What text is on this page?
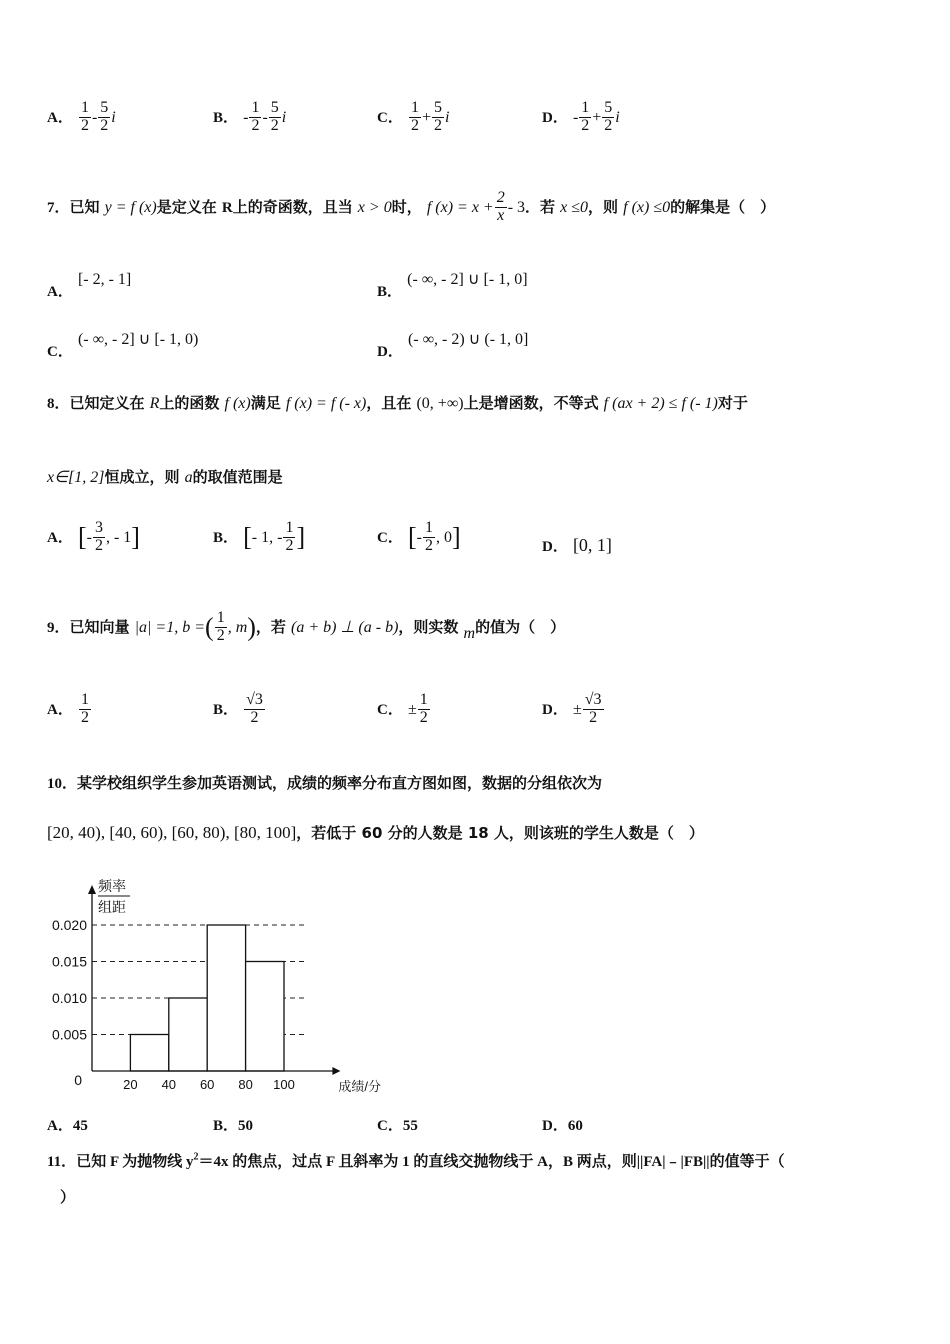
A． $\frac{1}{2} - \frac{5}{2}$ i	B． - $\frac{1}{2} - \frac{5}{2}$ i	C． $\frac{1}{2} + \frac{5}{2}$ i	D． - $\frac{1}{2} + \frac{5}{2}$ i
7．已知 y = f (x)是定义在 R上的奇函数，且当 x > 0时， f $(x) = x + \frac{2}{x} - 3$．若 x ≤0，则 f (x) ≤0的解集是（　）
A． [- 2, - 1]
B． (- ∞, - 2] ∪ [- 1, 0]
C． (- ∞, - 2] ∪ [- 1, 0)
D． (- ∞, - 2) ∪ (- 1, 0]
8．已知定义在 R上的函数 f (x)满足 f (x) = f (- x)，且在 (0, +∞)上是增函数，不等式 f (ax + 2) ≤ f (- 1)对于
x∈[1, 2]恒成立，则 a的取值范围是
A． [- $\frac{3}{2}$ , - 1]	B． [- 1, - $\frac{1}{2}$ ]	C． [- $\frac{1}{2}$ , 0]	D． [0, 1]
9．已知向量 |a| =1, b =( $\frac{1}{2}$ , m)，若 (a + b) ⊥ (a - b)，则实数 m的值为（　）
A． $\frac{1}{2}$	B． $\frac{√3}{2}$	C． ± $\frac{1}{2}$	D． ± $\frac{√3}{2}$
10．某学校组织学生参加英语测试，成绩的频率分布直方图如图，数据的分组依次为
[20, 40), [40, 60), [60, 80), [80, 100]，若低于 60 分的人数是 18 人，则该班的学生人数是（　）
0.005
0.010
0.015
0.020
0	20 40 60 80 100	成绩/分
频率
组距
A．45	B．50	C．55	D．60
11．已知 F 为抛物线 $y^2=4x$ 的焦点，过点 F 且斜率为 1 的直线交抛物线于 A，B 两点，则||FA|﹣|FB||的值等于（
）
